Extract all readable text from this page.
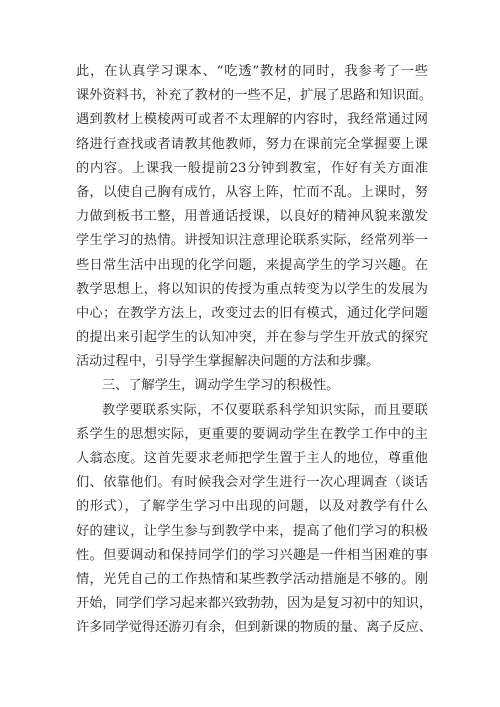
此，在认真学习课本、“吃透”教材的同时，我参考了一些
课外资料书，补充了教材的一些不足，扩展了思路和知识面。
遇到教材上模棱两可或者不太理解的内容时，我经常通过网
络进行查找或者请教其他教师，努力在课前完全掌握要上课
的内容。上课我一般提前23分钟到教室，作好有关方面准
备，以使自己胸有成竹，从容上阵，忙而不乱。上课时，努
力做到板书工整，用普通话授课，以良好的精神风貌来激发
学生学习的热情。讲授知识注意理论联系实际，经常列举一
些日常生活中出现的化学问题，来提高学生的学习兴趣。在
教学思想上，将以知识的传授为重点转变为以学生的发展为
中心；在教学方法上，改变过去的旧有模式，通过化学问题
的提出来引起学生的认知冲突，并在参与学生开放式的探究
活动过程中，引导学生掌握解决问题的方法和步骤。
三、了解学生，调动学生学习的积极性。
教学要联系实际，不仅要联系科学知识实际，而且要联
系学生的思想实际，更重要的要调动学生在教学工作中的主
人翁态度。这首先要求老师把学生置于主人的地位，尊重他
们、依靠他们。有时候我会对学生进行一次心理调查（谈话
的形式），了解学生学习中出现的问题，以及对教学有什么
好的建议，让学生参与到教学中来，提高了他们学习的积极
性。但要调动和保持同学们的学习兴趣是一件相当困难的事
情，光凭自己的工作热情和某些教学活动措施是不够的。刚
开始，同学们学习起来都兴致勃勃，因为是复习初中的知识，
许多同学觉得还游刃有余，但到新课的物质的量、离子反应、
